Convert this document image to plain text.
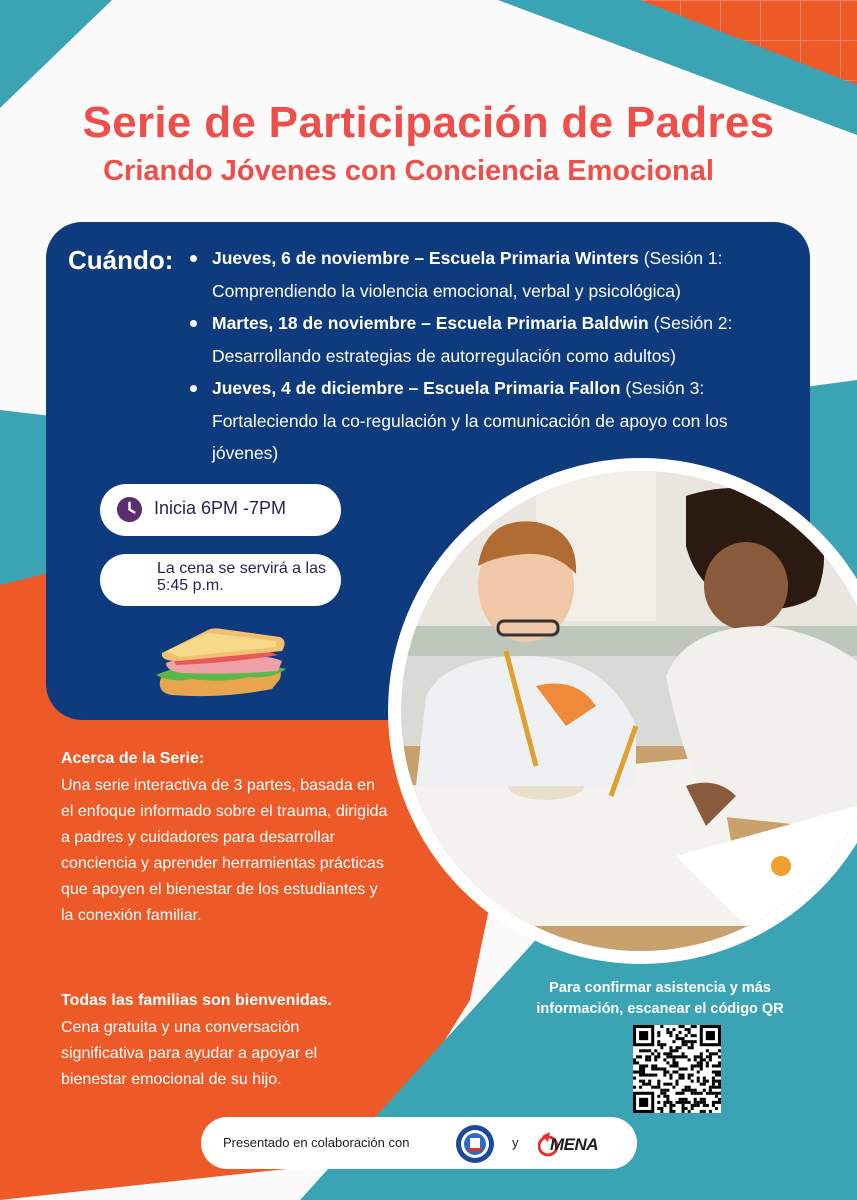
Serie de Participación de Padres
Criando Jóvenes con Conciencia Emocional
Cuándo:	Jueves, 6 de noviembre – Escuela Primaria Winters (Sesión 1: Comprendiendo la violencia emocional, verbal y psicológica)
Martes, 18 de noviembre – Escuela Primaria Baldwin (Sesión 2: Desarrollando estrategias de autorregulación como adultos)
Jueves, 4 de diciembre – Escuela Primaria Fallon (Sesión 3: Fortaleciendo la co-regulación y la comunicación de apoyo con los jóvenes)
Inicia 6PM -7PM
La cena se servirá a las 5:45 p.m.
Acerca de la Serie:
Una serie interactiva de 3 partes, basada en el enfoque informado sobre el trauma, dirigida a padres y cuidadores para desarrollar conciencia y aprender herramientas prácticas que apoyen el bienestar de los estudiantes y la conexión familiar.
Todas las familias son bienvenidas.
Cena gratuita y una conversación significativa para ayudar a apoyar el bienestar emocional de su hijo.
Para confirmar asistencia y más información, escanear el código QR
Presentado en colaboración con	y MENA
